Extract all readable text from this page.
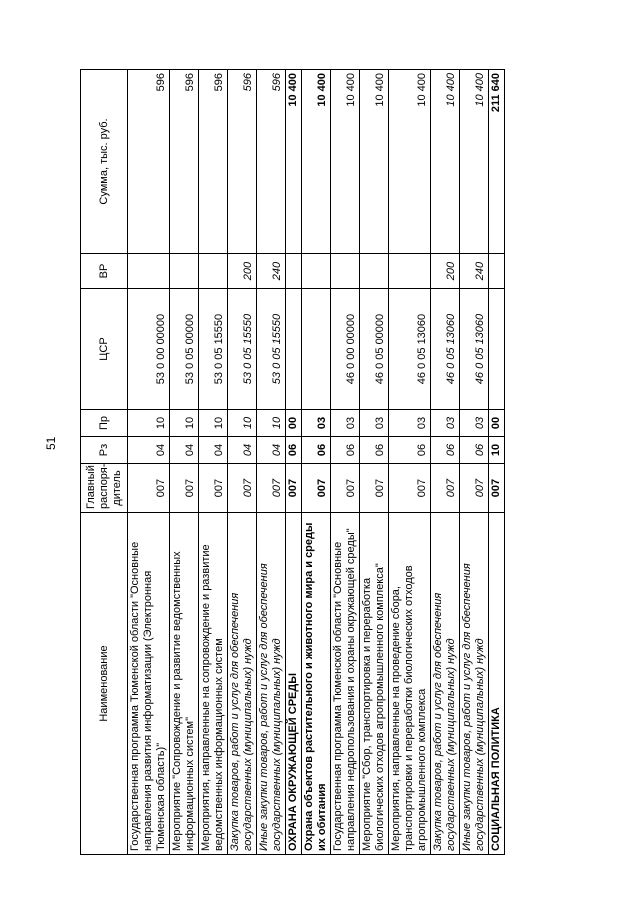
51
Наименование	Главный распоря-дитель	Рз	Пр	ЦСР	ВР	Сумма, тыс. руб.
Государственная программа Тюменской области "Основные направления развития информатизации (Электронная Тюменская область)"	007	04	10	53 0 00 00000		596
Мероприятие "Сопровождение и развитие ведомственных информационных систем"	007	04	10	53 0 05 00000		596
Мероприятия, направленные на сопровождение и развитие ведомственных информационных систем	007	04	10	53 0 05 15550		596
Закупка товаров, работ и услуг для обеспечения государственных (муниципальных) нужд	007	04	10	53 0 05 15550	200	596
Иные закупки товаров, работ и услуг для обеспечения государственных (муниципальных) нужд	007	04	10	53 0 05 15550	240	596
ОХРАНА ОКРУЖАЮЩЕЙ СРЕДЫ	007	06	00			10 400
Охрана объектов растительного и животного мира и среды их обитания	007	06	03			10 400
Государственная программа Тюменской области "Основные направления недропользования и охраны окружающей среды"	007	06	03	46 0 00 00000		10 400
Мероприятие "Сбор, транспортировка и переработка биологических отходов агропромышленного комплекса"	007	06	03	46 0 05 00000		10 400
Мероприятия, направленные на проведение сбора, транспортировки и переработки биологических отходов агропромышленного комплекса	007	06	03	46 0 05 13060		10 400
Закупка товаров, работ и услуг для обеспечения государственных (муниципальных) нужд	007	06	03	46 0 05 13060	200	10 400
Иные закупки товаров, работ и услуг для обеспечения государственных (муниципальных) нужд	007	06	03	46 0 05 13060	240	10 400
СОЦИАЛЬНАЯ ПОЛИТИКА	007	10	00			211 640
